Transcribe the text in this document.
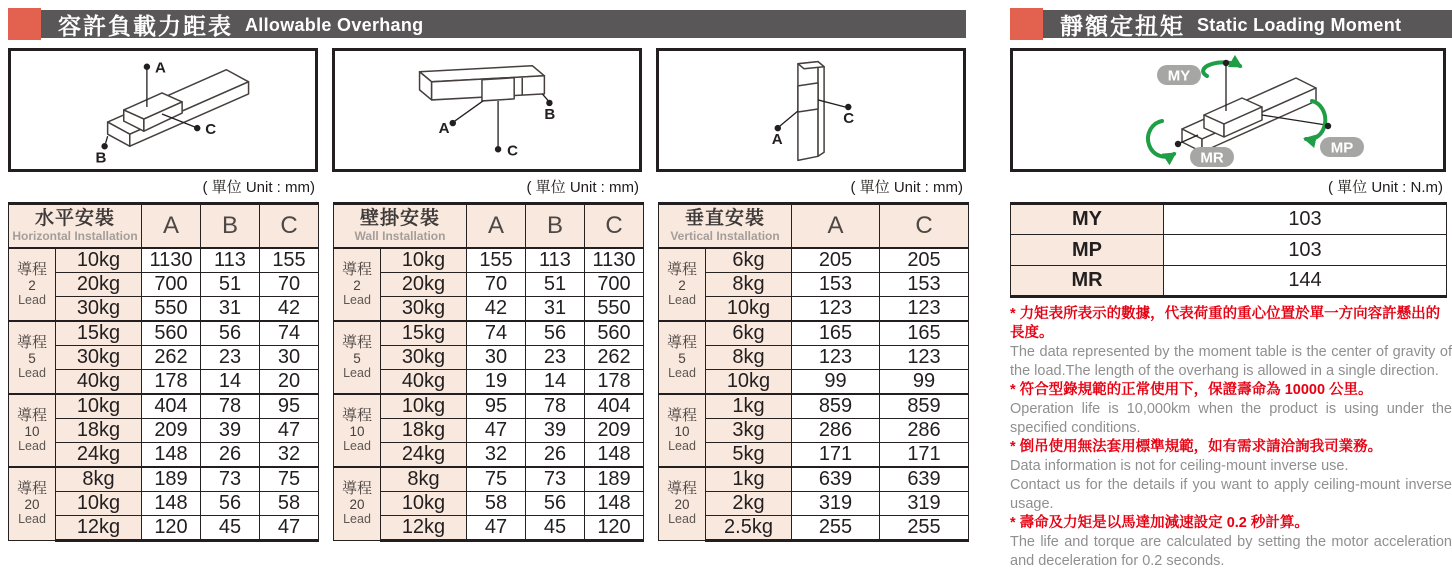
容許負載力距表 Allowable Overhang
A
B
C	A
B
C
A
C
( 單位 Unit : mm)	( 單位 Unit : mm)	( 單位 Unit : mm)
水平安裝
Horizontal Installation		A	B	C

導程
2
Lead	10kg	1130	113	155
	20kg	700	51	70
	30kg	550	31	42

導程
5
Lead	15kg	560	56	74
	30kg	262	23	30
	40kg	178	14	20

導程
10
Lead	10kg	404	78	95
	18kg	209	39	47
	24kg	148	26	32

導程
20
Lead	8kg	189	73	75
	10kg	148	56	58
	12kg	120	45	47
壁掛安裝
Wall Installation		A	B	C

導程
2
Lead	10kg	155	113	1130
	20kg	70	51	700
	30kg	42	31	550

導程
5
Lead	15kg	74	56	560
	30kg	30	23	262
	40kg	19	14	178

導程
10
Lead	10kg	95	78	404
	18kg	47	39	209
	24kg	32	26	148

導程
20
Lead	8kg	75	73	189
	10kg	58	56	148
	12kg	47	45	120
垂直安裝
Vertical Installation		A	C

導程
2
Lead	6kg	205	205
	8kg	153	153
	10kg	123	123

導程
5
Lead	6kg	165	165
	8kg	123	123
	10kg	99	99

導程
10
Lead	1kg	859	859
	3kg	286	286
	5kg	171	171

導程
20
Lead	1kg	639	639
	2kg	319	319
	2.5kg	255	255
靜額定扭矩 Static Loading Moment
MY
MP
MR
( 單位 Unit : N.m)
MY	103
MP	103
MR	144

* 力矩表所表示的數據，代表荷重的重心位置於單一方向容許懸出的長度。

The data represented by the moment table is the center of gravity of the load.The length of the overhang is allowed in a single direction.

* 符合型錄規範的正常使用下，保證壽命為 10000 公里。

Operation life is 10,000km when the product is using under the specified conditions.

* 倒吊使用無法套用標準規範，如有需求請洽詢我司業務。

Data information is not for ceiling-mount inverse use.

Contact us for the details if you want to apply ceiling-mount inverse usage.

* 壽命及力矩是以馬達加減速設定 0.2 秒計算。

The life and torque are calculated by setting the motor acceleration and deceleration for 0.2 seconds.
